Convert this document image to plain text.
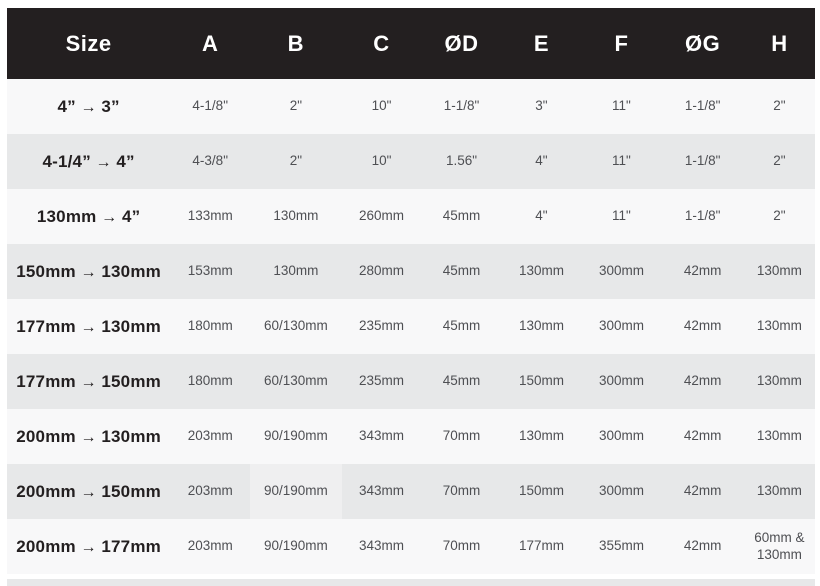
Size	A	B	C	ØD	E	F	ØG	H
4” → 3”	4-1/8"	2"	10"	1-1/8"	3"	11"	1-1/8"	2"
4-1/4” → 4”	4-3/8"	2"	10"	1.56"	4"	11"	1-1/8"	2"
130mm → 4”	133mm	130mm	260mm	45mm	4"	11"	1-1/8"	2"
150mm → 130mm	153mm	130mm	280mm	45mm	130mm	300mm	42mm	130mm
177mm → 130mm	180mm	60/130mm	235mm	45mm	130mm	300mm	42mm	130mm
177mm → 150mm	180mm	60/130mm	235mm	45mm	150mm	300mm	42mm	130mm
200mm → 130mm	203mm	90/190mm	343mm	70mm	130mm	300mm	42mm	130mm
200mm → 150mm	203mm	90/190mm	343mm	70mm	150mm	300mm	42mm	130mm
200mm → 177mm	203mm	90/190mm	343mm	70mm	177mm	355mm	42mm	60mm & 130mm
